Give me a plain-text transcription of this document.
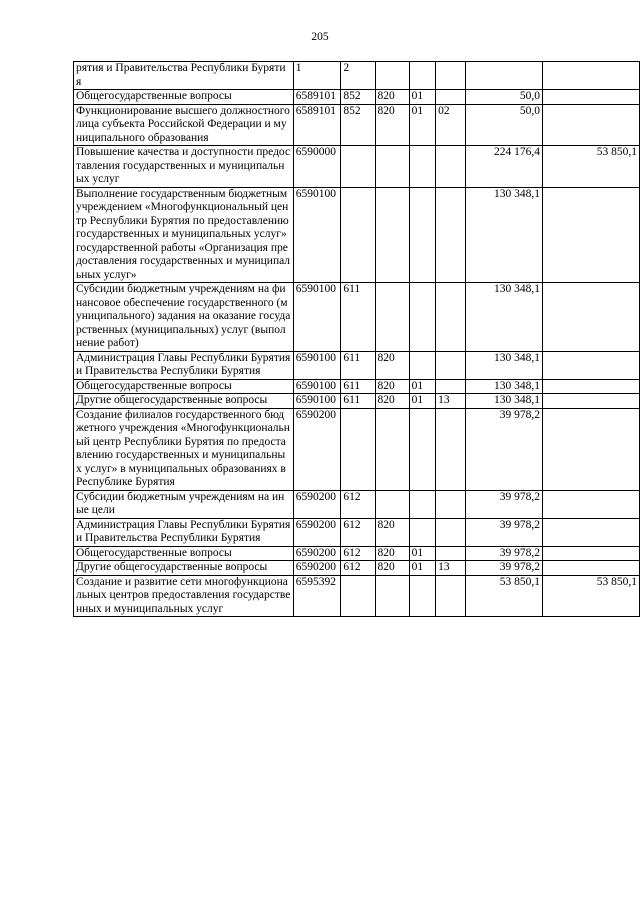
205
рятия и Правительства Республики Бурятия	1	2					
Общегосударственные вопросы	6589101	852	820	01		50,0	
Функционирование высшего должностного лица субъекта Российской Федерации и муниципального образования	6589101	852	820	01	02	50,0	
Повышение качества и доступности предоставления государственных и муниципальных услуг	6590000					224 176,4	53 850,1
Выполнение государственным бюджетным учреждением «Многофункциональный центр Республики Бурятия по предоставлению государственных и муниципальных услуг» государственной работы «Организация предоставления государственных и муниципальных услуг»	6590100					130 348,1	
Субсидии бюджетным учреждениям на финансовое обеспечение государственного (муниципального) задания на оказание государственных (муниципальных) услуг (выполнение работ)	6590100	611				130 348,1	
Администрация Главы Республики Бурятия и Правительства Республики Бурятия	6590100	611	820			130 348,1	
Общегосударственные вопросы	6590100	611	820	01		130 348,1	
Другие общегосударственные вопросы	6590100	611	820	01	13	130 348,1	
Создание филиалов государственного бюджетного учреждения «Многофункциональный центр Республики Бурятия по предоставлению государственных и муниципальных услуг» в муниципальных образованиях в Республике Бурятия	6590200					39 978,2	
Субсидии бюджетным учреждениям на иные цели	6590200	612				39 978,2	
Администрация Главы Республики Бурятия и Правительства Республики Бурятия	6590200	612	820			39 978,2	
Общегосударственные вопросы	6590200	612	820	01		39 978,2	
Другие общегосударственные вопросы	6590200	612	820	01	13	39 978,2	
Создание и развитие сети многофункциональных центров предоставления государственных и муниципальных услуг	6595392					53 850,1	53 850,1
